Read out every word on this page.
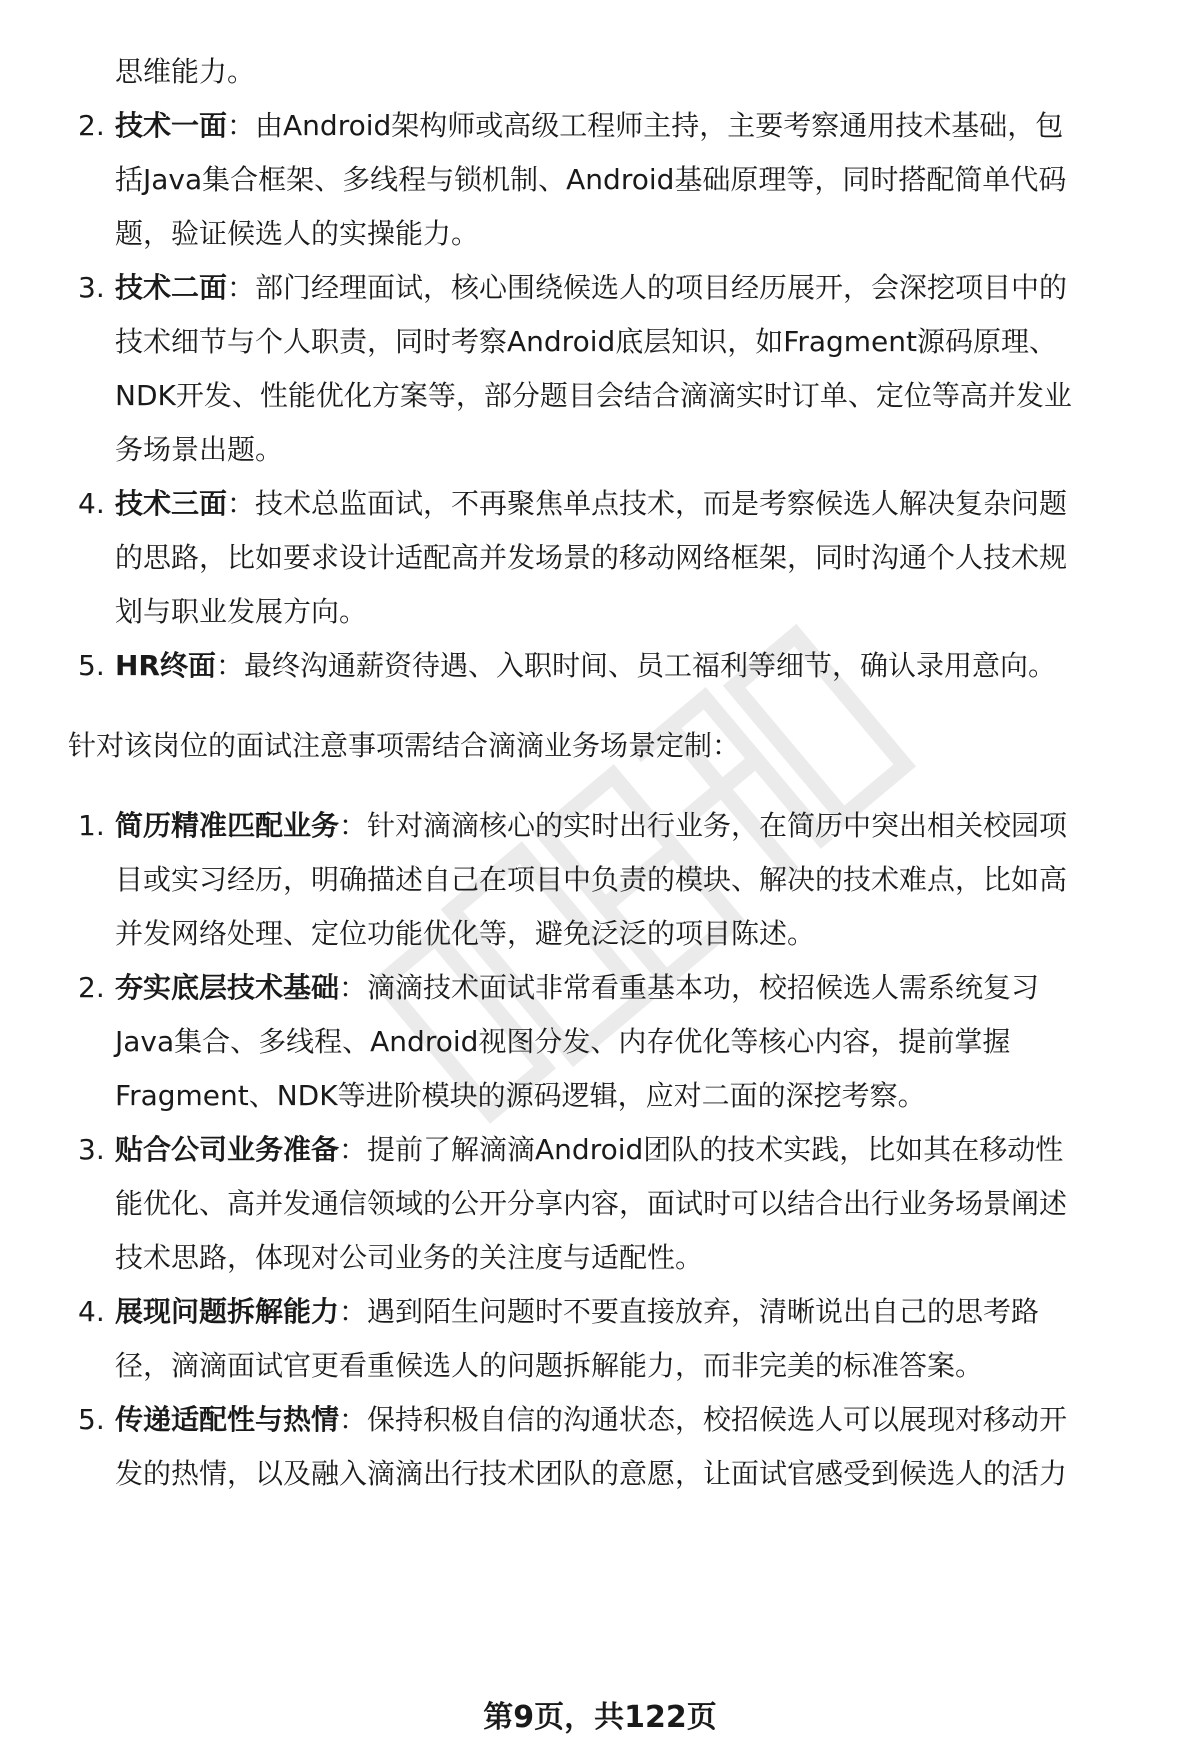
思维能力。
2. 技术一面：由Android架构师或高级工程师主持，主要考察通用技术基础，包
括Java集合框架、多线程与锁机制、Android基础原理等，同时搭配简单代码
题，验证候选人的实操能力。
3. 技术二面：部门经理面试，核心围绕候选人的项目经历展开，会深挖项目中的
技术细节与个人职责，同时考察Android底层知识，如Fragment源码原理、
NDK开发、性能优化方案等，部分题目会结合滴滴实时订单、定位等高并发业
务场景出题。
4. 技术三面：技术总监面试，不再聚焦单点技术，而是考察候选人解决复杂问题
的思路，比如要求设计适配高并发场景的移动网络框架，同时沟通个人技术规
划与职业发展方向。
5. HR终面：最终沟通薪资待遇、入职时间、员工福利等细节，确认录用意向。
针对该岗位的面试注意事项需结合滴滴业务场景定制：
1. 简历精准匹配业务：针对滴滴核心的实时出行业务，在简历中突出相关校园项
目或实习经历，明确描述自己在项目中负责的模块、解决的技术难点，比如高
并发网络处理、定位功能优化等，避免泛泛的项目陈述。
2. 夯实底层技术基础：滴滴技术面试非常看重基本功，校招候选人需系统复习
Java集合、多线程、Android视图分发、内存优化等核心内容，提前掌握
Fragment、NDK等进阶模块的源码逻辑，应对二面的深挖考察。
3. 贴合公司业务准备：提前了解滴滴Android团队的技术实践，比如其在移动性
能优化、高并发通信领域的公开分享内容，面试时可以结合出行业务场景阐述
技术思路，体现对公司业务的关注度与适配性。
4. 展现问题拆解能力：遇到陌生问题时不要直接放弃，清晰说出自己的思考路
径，滴滴面试官更看重候选人的问题拆解能力，而非完美的标准答案。
5. 传递适配性与热情：保持积极自信的沟通状态，校招候选人可以展现对移动开
发的热情，以及融入滴滴出行技术团队的意愿，让面试官感受到候选人的活力
第9页，共122页
